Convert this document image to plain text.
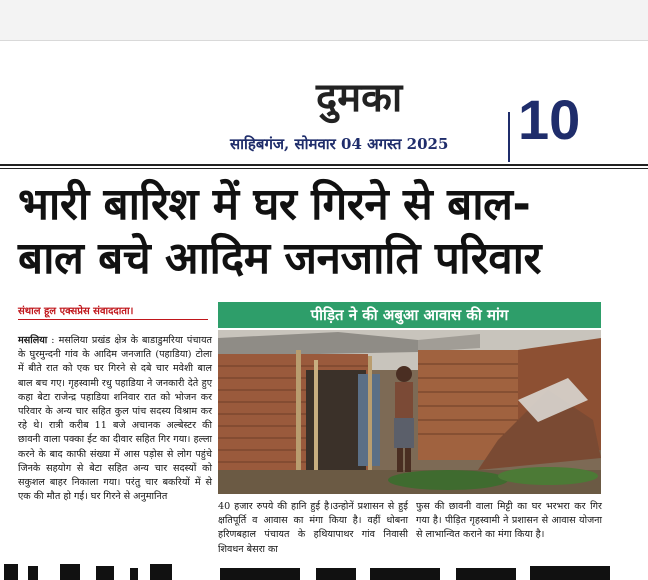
दुमका
साहिबगंज, सोमवार 04 अगस्त 2025 10
भारी बारिश में घर गिरने से बाल-
बाल बचे आदिम जनजाति परिवार
संथाल हूल एक्सप्रेस संवाददाता।
मसलिया : मसलिया प्रखंड क्षेत्र के बाडाडुमरिया पंचायत के घुरमुन्दनी गांव के आदिम जनजाति (पहाडिया) टोला में बीते रात को एक घर गिरने से दबे चार मवेशी बाल बाल बच गए। गृहस्वामी रधु पहाडिया ने जनकारी देते हुए कहा बेटा राजेन्द्र पहाडिया शनिवार रात को भोजन कर परिवार के अन्य चार सहित कुल पांच सदस्य विश्राम कर रहे थे। रात्री करीब 11 बजे अचानक अल्बेस्टर की छावनी वाला पक्का ईट का दीवार सहित गिर गया। हल्ला करने के बाद काफी संख्या में आस पड़ोस से लोग पहुंचे जिनके सहयोग से बेटा सहित अन्य चार सदस्यों को सकुशल बाहर निकाला गया। परंतु चार बकरियों में से एक की मौत हो गई। घर गिरने से अनुमानित
पीड़ित ने की अबुआ आवास की मांग
40 हजार रुपये की हानि हुई है।उन्होनें प्रशासन से हुई क्षतिपूर्ति व आवास का मंगा किया है। वहीं धोबना हरिणबहाल पंचायत के हथियापाथर गांव निवासी शिवधन बेसरा का
फुस की छावनी वाला मिट्टी का घर भरभरा कर गिर गया है। पीड़ित गृहस्वामी ने प्रशासन से आवास योजना से लाभान्वित कराने का मंगा किया है।
